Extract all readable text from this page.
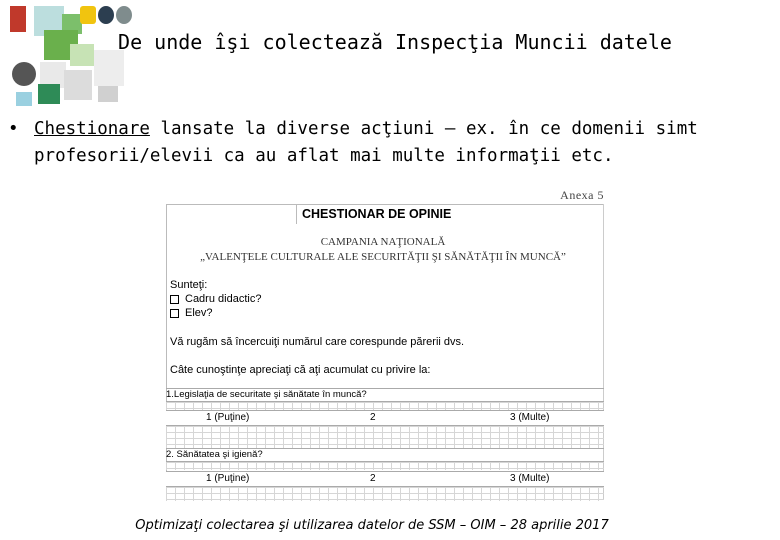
De unde îşi colectează Inspecţia Muncii datele
• Chestionare lansate la diverse acţiuni – ex. în ce domenii simt
profesorii/elevii ca au aflat mai multe informaţii etc.
Anexa 5
CHESTIONAR DE OPINIE
CAMPANIA NAŢIONALĂ
„VALENŢELE CULTURALE ALE SECURITĂŢII ŞI SĂNĂTĂŢII ÎN MUNCĂ”
Sunteţi:
Cadru didactic?
Elev?
Vă rugăm să încercuiţi numărul care corespunde părerii dvs.
Câte cunoştinţe apreciaţi că aţi acumulat cu privire la:
1.Legislaţia de securitate şi sănătate în muncă?
1 (Puţine)	2	3 (Multe)
2. Sănătatea şi igienă?
1 (Puţine)	2	3 (Multe)
Optimizaţi colectarea şi utilizarea datelor de SSM – OIM – 28 aprilie 2017
